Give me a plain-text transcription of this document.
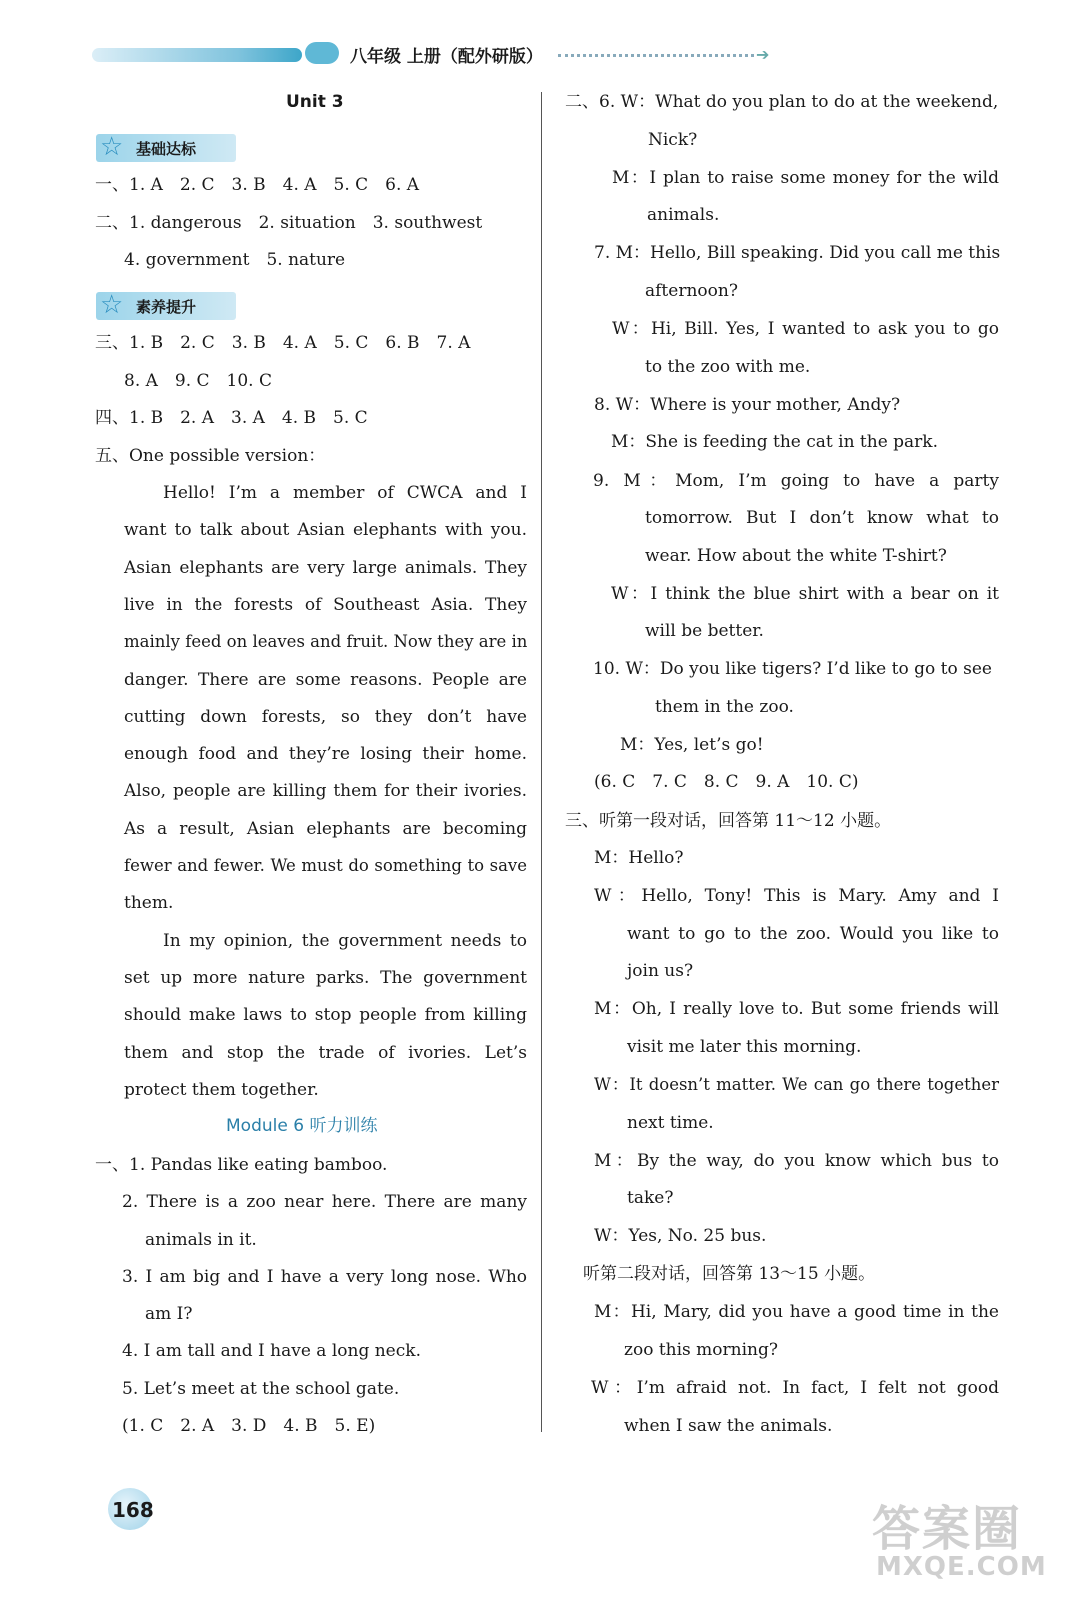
八年级 上册（配外研版）	➔
Unit 3
☆ 基础达标
一、1. A　2. C　3. B　4. A　5. C　6. A
二、1. dangerous　2. situation　3. southwest
4. government　5. nature
☆ 素养提升
三、1. B　2. C　3. B　4. A　5. C　6. B　7. A
8. A　9. C　10. C
四、1. B　2. A　3. A　4. B　5. C
五、One possible version：
Hello! I’m a member of CWCA and I
want to talk about Asian elephants with you.
Asian elephants are very large animals. They
live in the forests of Southeast Asia. They
mainly feed on leaves and fruit. Now they are in
danger. There are some reasons. People are
cutting down forests, so they don’t have
enough food and they’re losing their home.
Also, people are killing them for their ivories.
As a result, Asian elephants are becoming
fewer and fewer. We must do something to save
them.
In my opinion, the government needs to
set up more nature parks. The government
should make laws to stop people from killing
them and stop the trade of ivories. Let’s
protect them together.
Module 6 听力训练
一、1. Pandas like eating bamboo.
2. There is a zoo near here. There are many
animals in it.
3. I am big and I have a very long nose. Who
am I?
4. I am tall and I have a long neck.
5. Let’s meet at the school gate.
(1. C　2. A　3. D　4. B　5. E)
二、6. W：What do you plan to do at the weekend,
Nick?
M：I plan to raise some money for the wild
animals.
7. M：Hello, Bill speaking. Did you call me this
afternoon?
W：Hi, Bill. Yes, I wanted to ask you to go
to the zoo with me.
8. W：Where is your mother, Andy?
M：She is feeding the cat in the park.
9. M：Mom, I’m going to have a party
tomorrow. But I don’t know what to
wear. How about the white T-shirt?
W：I think the blue shirt with a bear on it
will be better.
10. W：Do you like tigers? I’d like to go to see
them in the zoo.
M：Yes, let’s go!
(6. C　7. C　8. C　9. A　10. C)
三、听第一段对话，回答第 11～12 小题。
M：Hello?
W：Hello, Tony! This is Mary. Amy and I
want to go to the zoo. Would you like to
join us?
M：Oh, I really love to. But some friends will
visit me later this morning.
W：It doesn’t matter. We can go there together
next time.
M：By the way, do you know which bus to
take?
W：Yes, No. 25 bus.
听第二段对话，回答第 13～15 小题。
M：Hi, Mary, did you have a good time in the
zoo this morning?
W：I’m afraid not. In fact, I felt not good
when I saw the animals.
168	答案圈
MXQE.COM
